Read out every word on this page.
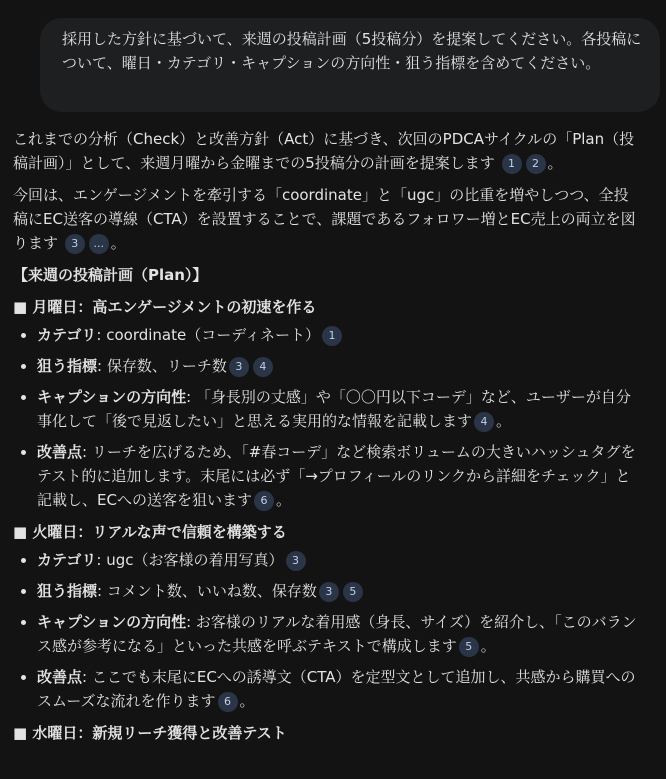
採用した方針に基づいて、来週の投稿計画（5投稿分）を提案してください。各投稿について、曜日・カテゴリ・キャプションの方向性・狙う指標を含めてください。

これまでの分析（Check）と改善方針（Act）に基づき、次回のPDCAサイクルの「Plan（投稿計画）」として、来週月曜から金曜までの5投稿分の計画を提案します 1 2 。

今回は、エンゲージメントを牽引する「coordinate」と「ugc」の比重を増やしつつ、全投稿にEC送客の導線（CTA）を設置することで、課題であるフォロワー増とEC売上の両立を図ります 3 ... 。

【来週の投稿計画（Plan）】
■ 月曜日：高エンゲージメントの初速を作る
• カテゴリ: coordinate（コーディネート） 1
• 狙う指標: 保存数、リーチ数 3 4
• キャプションの方向性: 「身長別の丈感」や「〇〇円以下コーデ」など、ユーザーが自分事化して「後で見返したい」と思える実用的な情報を記載します 4 。
• 改善点: リーチを広げるため、「#春コーデ」など検索ボリュームの大きいハッシュタグをテスト的に追加します。末尾には必ず「→プロフィールのリンクから詳細をチェック」と記載し、ECへの送客を狙います 6 。
■ 火曜日：リアルな声で信頼を構築する
• カテゴリ: ugc（お客様の着用写真） 3
• 狙う指標: コメント数、いいね数、保存数 3 5
• キャプションの方向性: お客様のリアルな着用感（身長、サイズ）を紹介し、「このバランス感が参考になる」といった共感を呼ぶテキストで構成します 5 。
• 改善点: ここでも末尾にECへの誘導文（CTA）を定型文として追加し、共感から購買へのスムーズな流れを作ります 6 。
■ 水曜日：新規リーチ獲得と改善テスト
